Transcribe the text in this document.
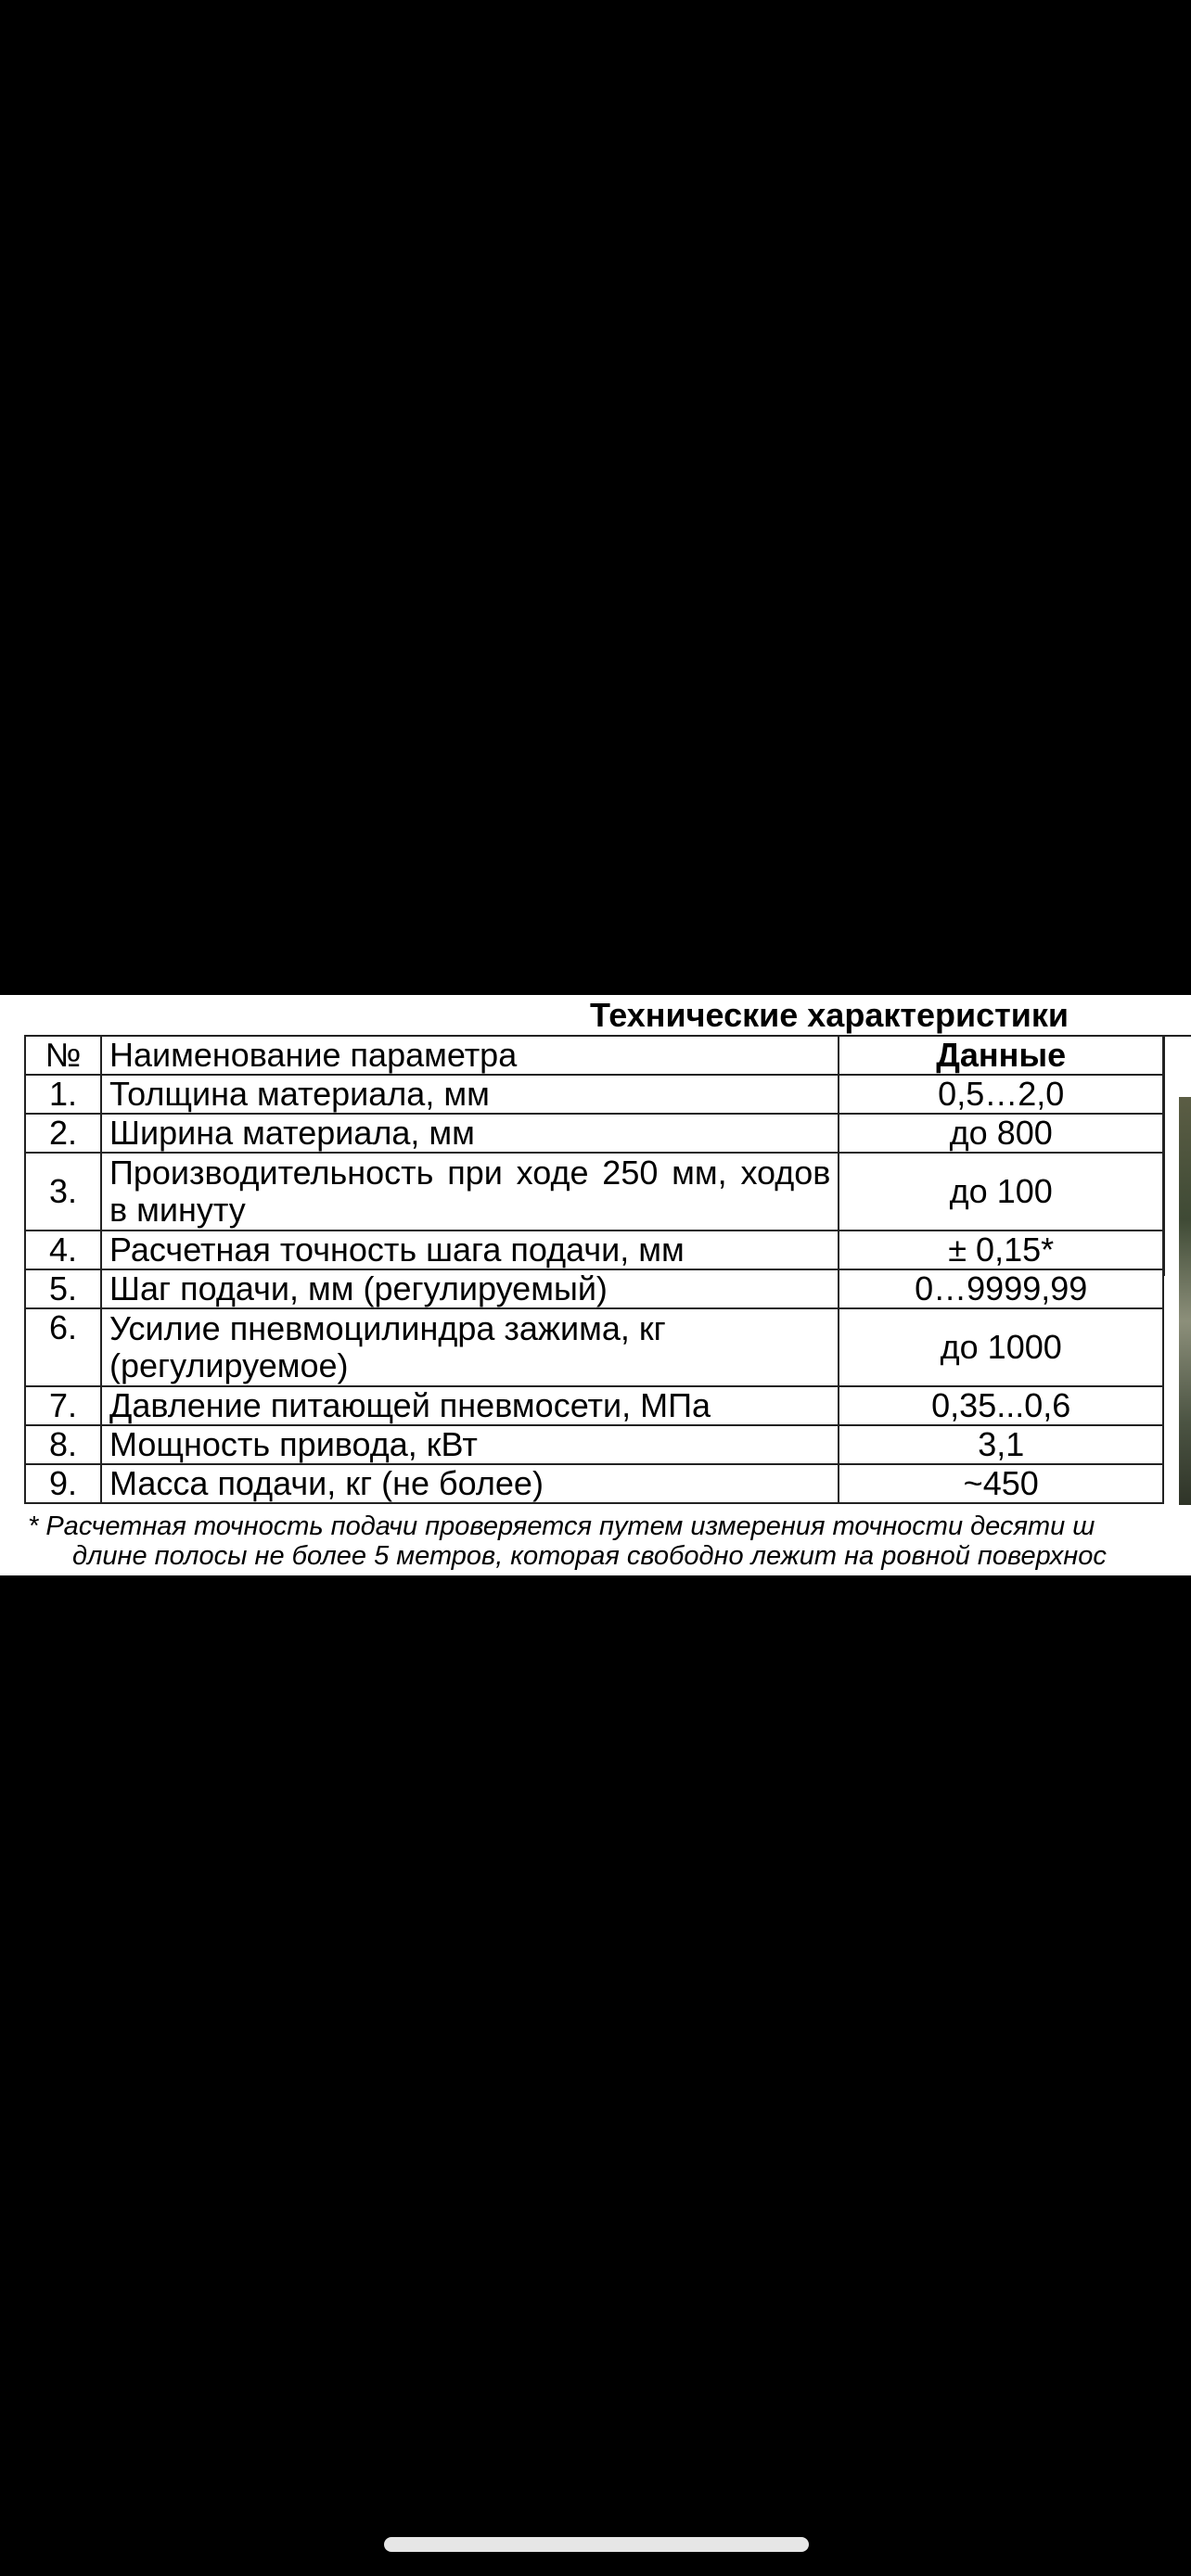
Технические характеристики
№	Наименование параметра	Данные
1.	Толщина материала, мм	0,5…2,0
2.	Ширина материала, мм	до 800
3.	Производительность при ходе 250 мм, ходов в минуту	до 100
4.	Расчетная точность шага подачи, мм	± 0,15*
5.	Шаг подачи, мм (регулируемый)	0…9999,99
6.	Усилие пневмоцилиндра зажима, кг (регулируемое)	до 1000
7.	Давление питающей пневмосети, МПа	0,35...0,6
8.	Мощность привода, кВт	3,1
9.	Масса подачи, кг (не более)	~450
* Расчетная точность подачи проверяется путем измерения точности десяти ш
длине полосы не более 5 метров, которая свободно лежит на ровной поверхнос
